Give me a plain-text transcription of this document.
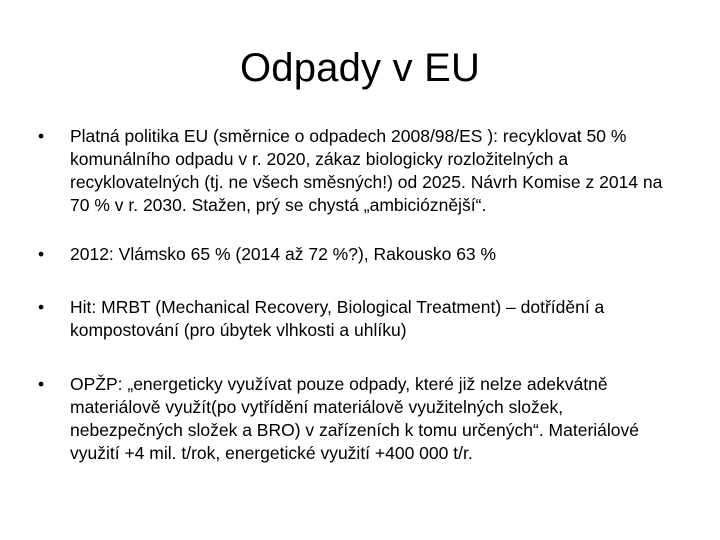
Odpady v EU
•	Platná politika EU (směrnice o odpadech 2008/98/ES ): recyklovat 50 % komunálního odpadu v r. 2020, zákaz biologicky rozložitelných a recyklovatelných (tj. ne všech směsných!) od 2025. Návrh Komise z 2014 na 70 % v r. 2030. Stažen, prý se chystá „ambicióznější“.
•	2012: Vlámsko 65 % (2014 až 72 %?), Rakousko 63 %
•	Hit: MRBT (Mechanical Recovery, Biological Treatment) – dotřídění a kompostování (pro úbytek vlhkosti a uhlíku)
•	OPŽP: „energeticky využívat pouze odpady, které již nelze adekvátně materiálově využít(po vytřídění materiálově využitelných složek, nebezpečných složek a BRO) v zařízeních k tomu určených“. Materiálové využití +4 mil. t/rok, energetické využití +400 000 t/r.
